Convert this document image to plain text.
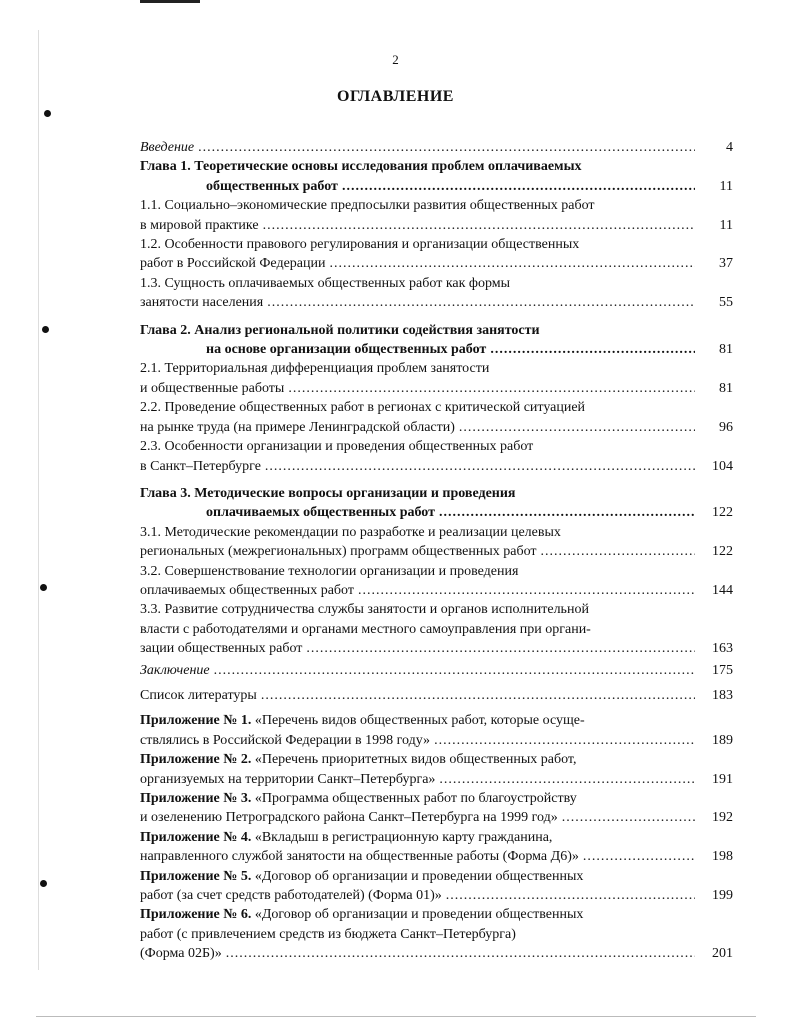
2
ОГЛАВЛЕНИЕ
Введение .....	4
Глава 1. Теоретические основы исследования проблем оплачиваемых
общественных работ .....	11
1.1. Социально–экономические предпосылки развития общественных работ
в мировой практике .....	11
1.2. Особенности правового регулирования и организации общественных
работ в Российской Федерации .....	37
1.3. Сущность оплачиваемых общественных работ как формы
занятости населения .....	55
Глава 2. Анализ региональной политики содействия занятости
на основе организации общественных работ .....	81
2.1. Территориальная дифференциация проблем занятости
и общественные работы .....	81
2.2. Проведение общественных работ в регионах с критической ситуацией
на рынке труда (на примере Ленинградской области) .....	96
2.3. Особенности организации и проведения общественных работ
в Санкт–Петербурге .....	104
Глава 3. Методические вопросы организации и проведения
оплачиваемых общественных работ .....	122
3.1. Методические рекомендации по разработке и реализации целевых
региональных (межрегиональных) программ общественных работ .....	122
3.2. Совершенствование технологии организации и проведения
оплачиваемых общественных работ .....	144
3.3. Развитие сотрудничества службы занятости и органов исполнительной
власти с работодателями и органами местного самоуправления при органи-
зации общественных работ .....	163
Заключение .....	175
Список литературы .....	183
Приложение № 1. «Перечень видов общественных работ, которые осуще-
ствлялись в Российской Федерации в 1998 году» .....	189
Приложение № 2. «Перечень приоритетных видов общественных работ,
организуемых на территории Санкт–Петербурга» .....	191
Приложение № 3. «Программа общественных работ по благоустройству
и озеленению Петроградского района Санкт–Петербурга на 1999 год» .....	192
Приложение № 4. «Вкладыш в регистрационную карту гражданина,
направленного службой занятости на общественные работы (Форма Д6)» .....	198
Приложение № 5. «Договор об организации и проведении общественных
работ (за счет средств работодателей) (Форма 01)» .....	199
Приложение № 6. «Договор об организации и проведении общественных
работ (с привлечением средств из бюджета Санкт–Петербурга)
(Форма 02Б)» .....	201
